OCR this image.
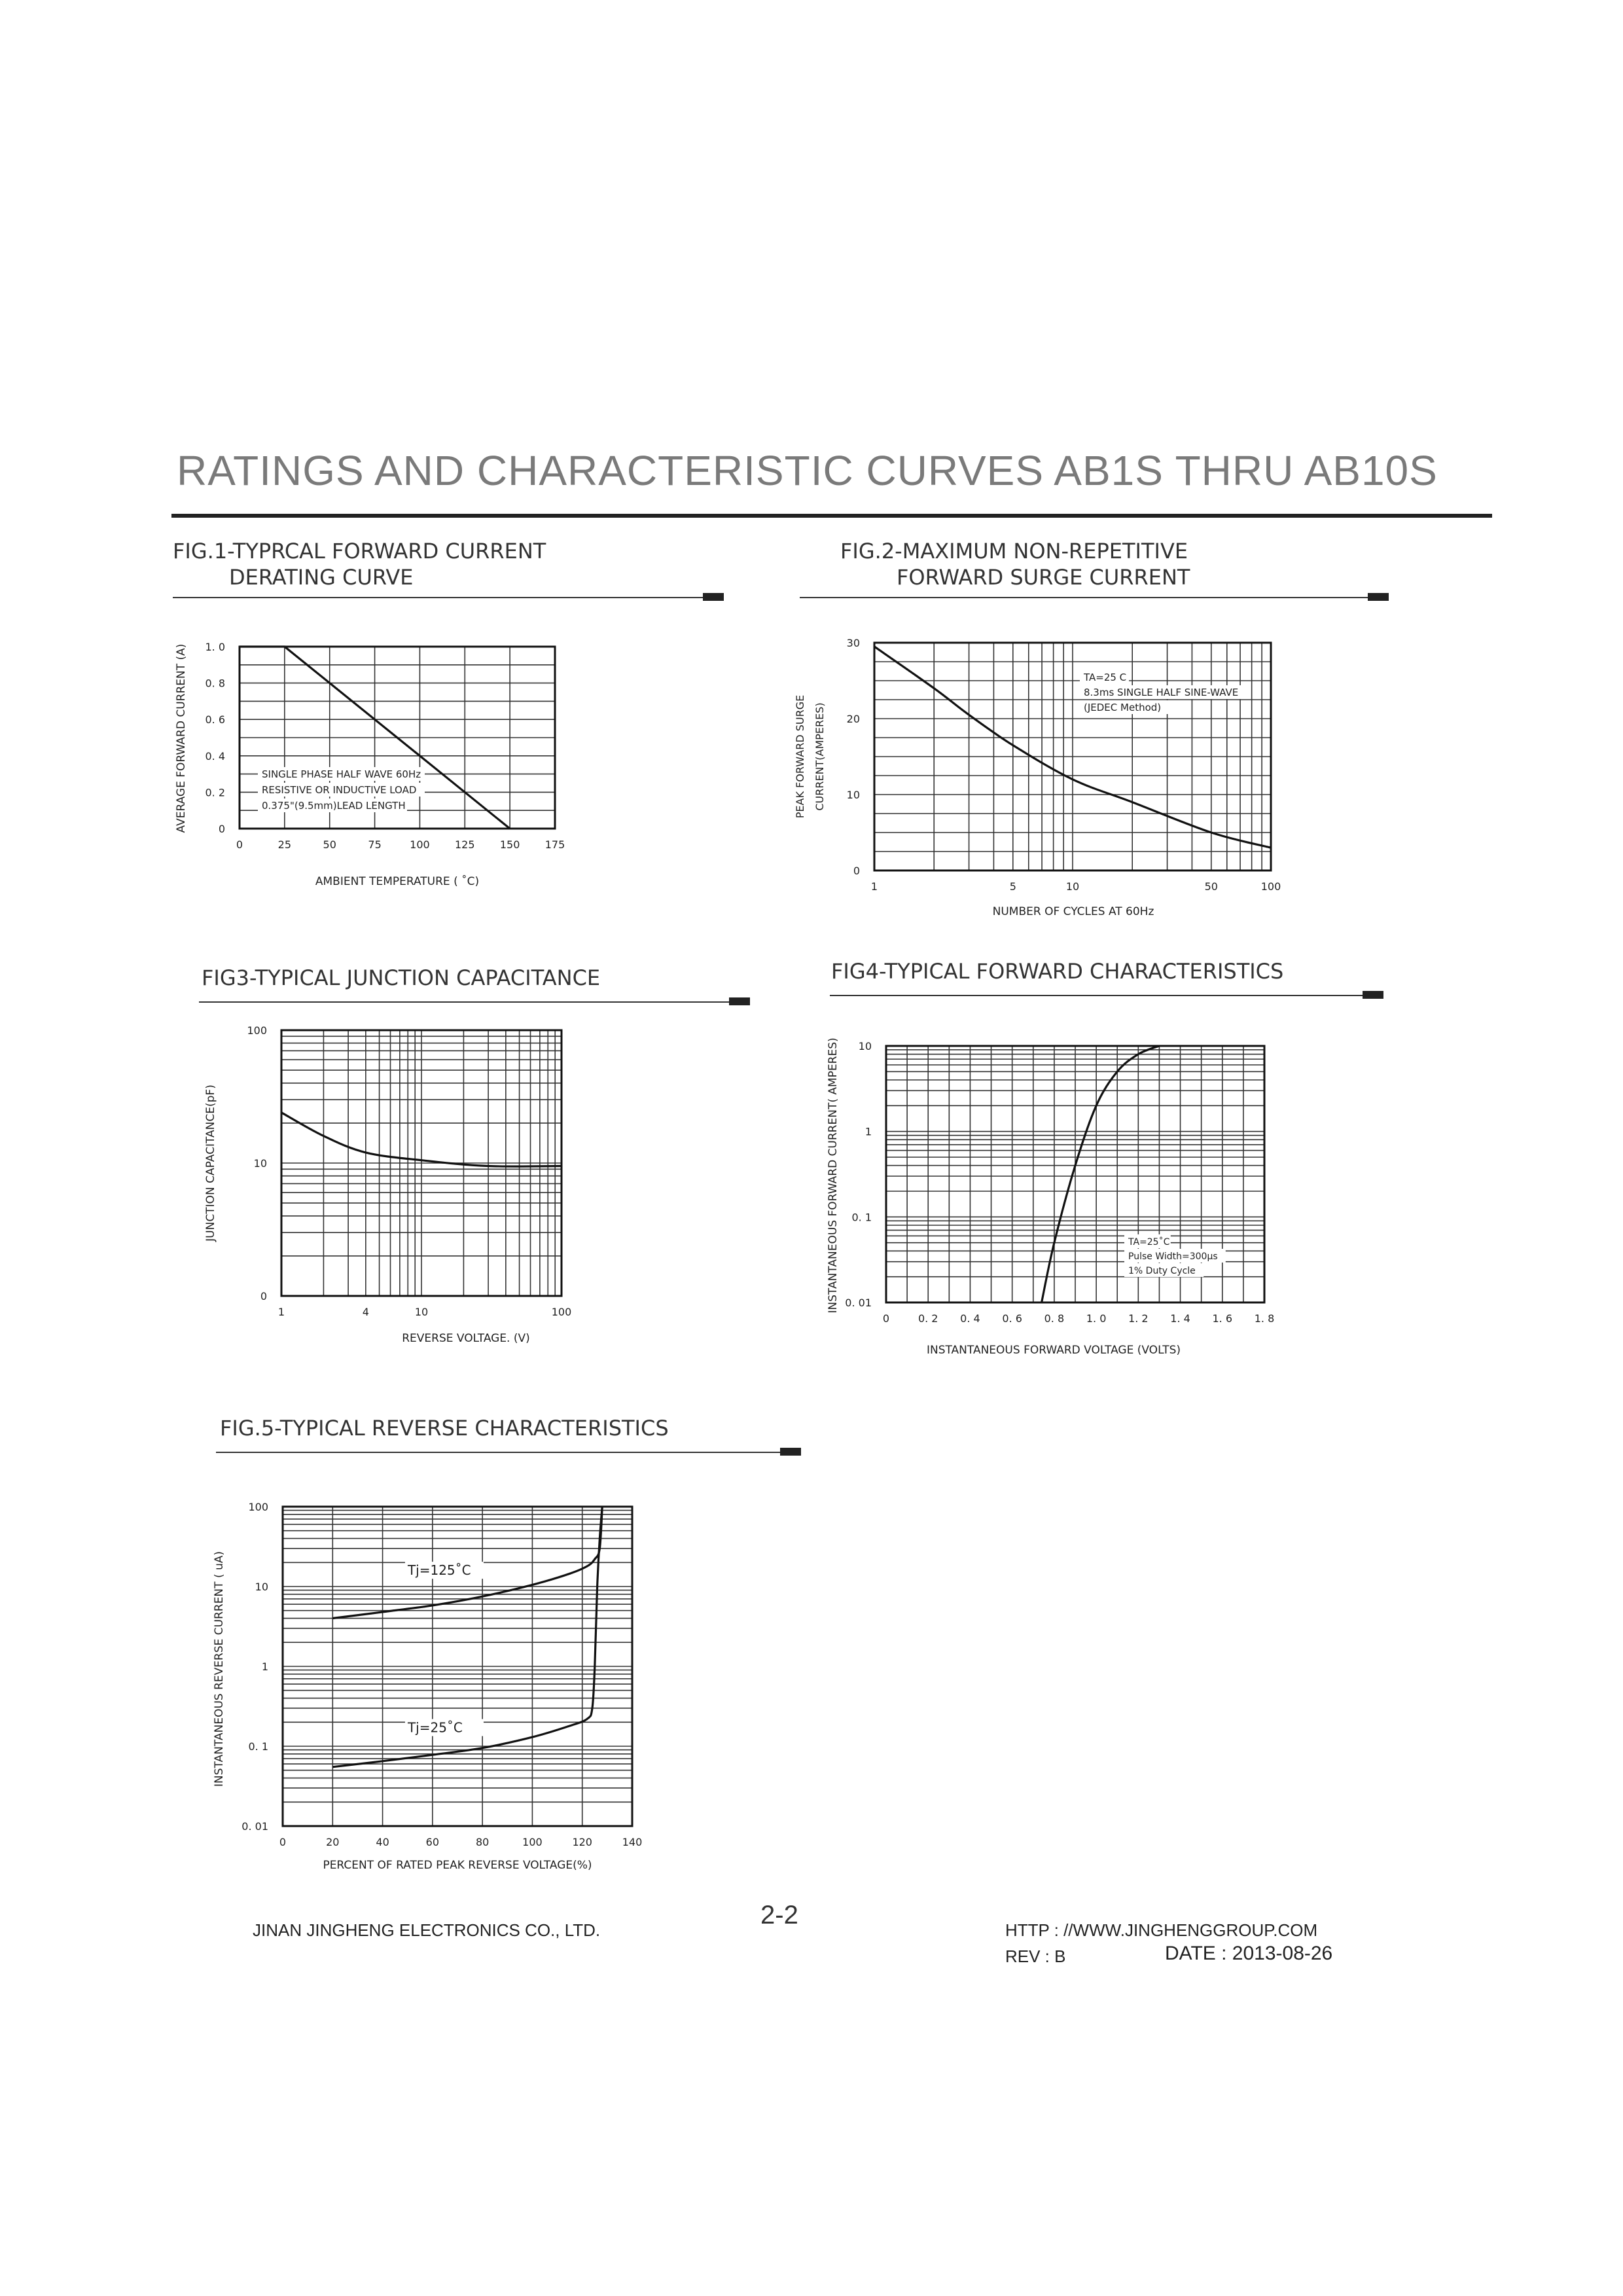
RATINGS AND CHARACTERISTIC CURVES AB1S THRU AB10S
FIG.1-TYPRCAL FORWARD CURRENT
DERATING CURVE
FIG.2-MAXIMUM NON-REPETITIVE
FORWARD SURGE CURRENT
FIG3-TYPICAL JUNCTION CAPACITANCE	FIG4-TYPICAL FORWARD CHARACTERISTICS
FIG.5-TYPICAL REVERSE CHARACTERISTICS
0	25	50	75	100 125 150 175
0
0. 2
0. 4
0. 6
0. 8
1. 0
AMBIENT TEMPERATURE ( ˚C)
AVERAGE FORWARD CURRENT (A)	SINGLE PHASE HALF WAVE 60Hz
RESISTIVE OR INDUCTIVE LOAD
0.375"(9.5mm)LEAD LENGTH
1	5	10	50	100
0
10
20
30
NUMBER OF CYCLES AT 60Hz
PEAK FORWARD SURGE CURRENT(AMPERES)
TA=25 C
8.3ms SINGLE HALF SINE-WAVE
(JEDEC Method)
1	4	10	100
0
10
100
REVERSE VOLTAGE. (V)
JUNCTION CAPACITANCE(pF)
0	0. 2 0. 4 0. 6 0. 8 1. 0 1. 2 1. 4 1. 6 1. 8
0. 01
0. 1
1
10
INSTANTANEOUS FORWARD VOLTAGE (VOLTS)
INSTANTANEOUS FORWARD CURRENT( AMPERES)	TA=25˚C
Pulse Width=300μs
1% Duty Cycle
0	20	40	60	80	100	120	140
0. 01
0. 1
1
10
100
PERCENT OF RATED PEAK REVERSE VOLTAGE(%)
INSTANTANEOUS REVERSE CURRENT ( uA)	Tj=125˚C
Tj=25˚C
JINAN JINGHENG ELECTRONICS CO., LTD.
2-2
HTTP : //WWW.JINGHENGGROUP.COM
REV : B	DATE : 2013-08-26
